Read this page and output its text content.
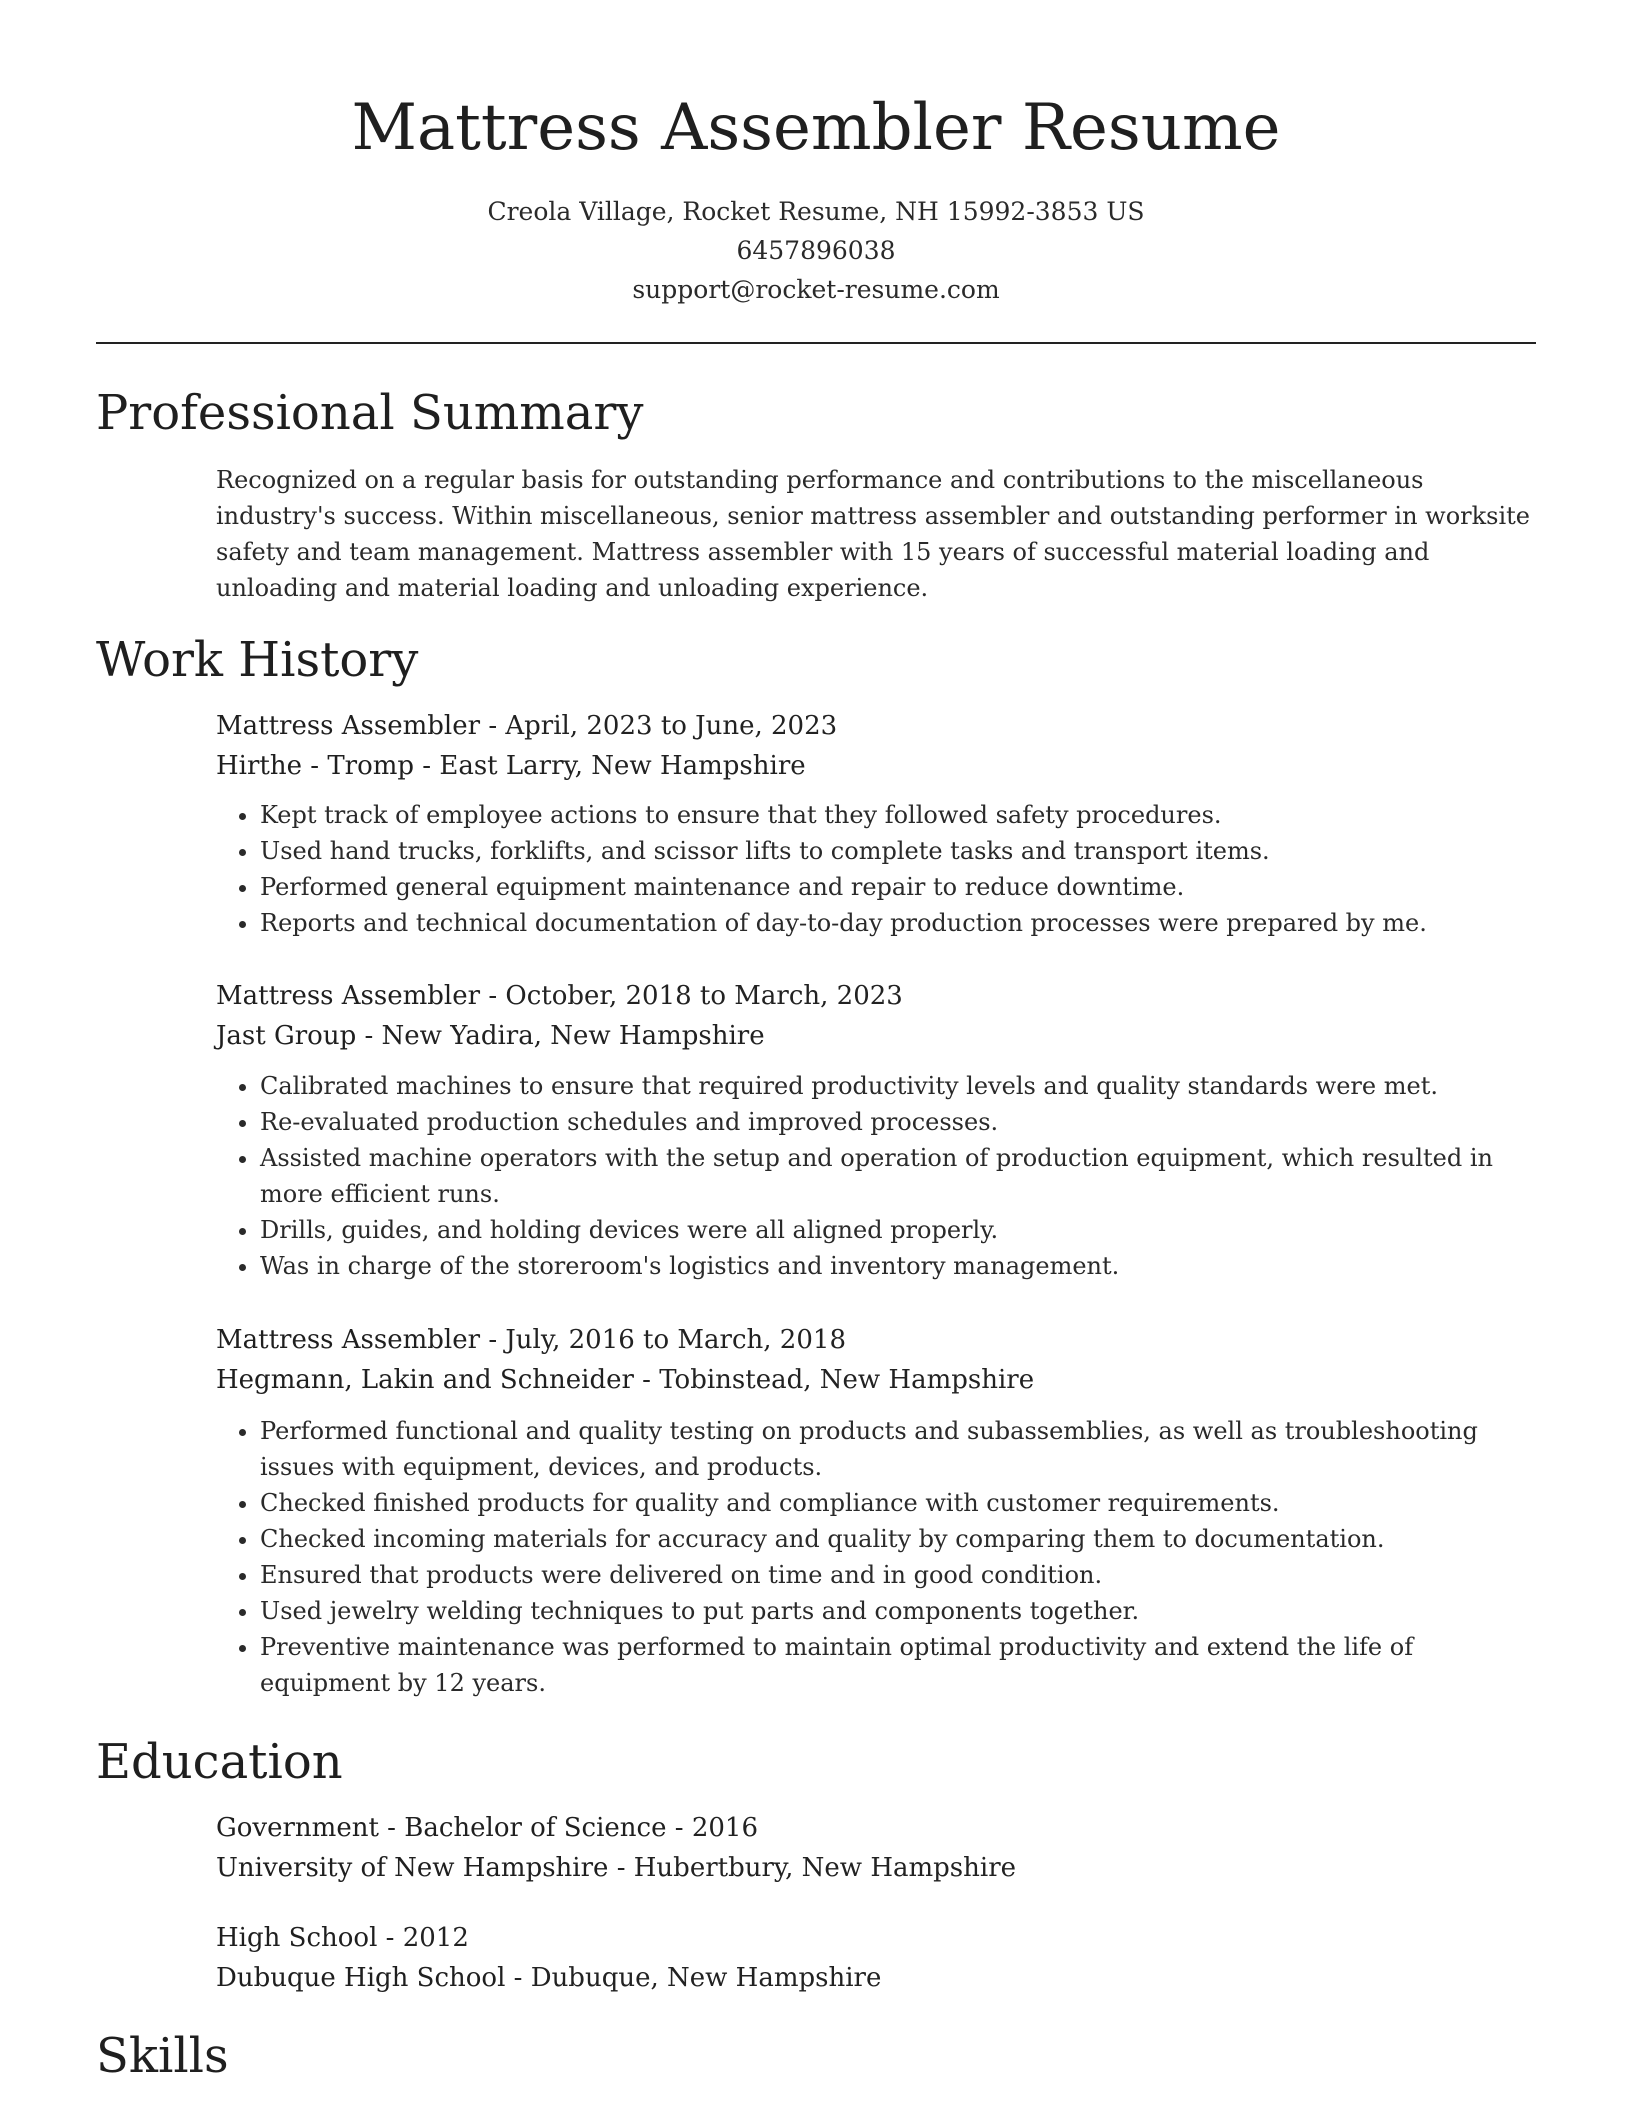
Mattress Assembler Resume
Creola Village, Rocket Resume, NH 15992-3853 US
6457896038
support@rocket-resume.com
Professional Summary

Recognized on a regular basis for outstanding performance and contributions to the miscellaneous industry's success. Within miscellaneous, senior mattress assembler and outstanding performer in worksite safety and team management. Mattress assembler with 15 years of successful material loading and unloading and material loading and unloading experience.

Work History
Mattress Assembler - April, 2023 to June, 2023
Hirthe - Tromp - East Larry, New Hampshire
• Kept track of employee actions to ensure that they followed safety procedures.
• Used hand trucks, forklifts, and scissor lifts to complete tasks and transport items.
• Performed general equipment maintenance and repair to reduce downtime.
• Reports and technical documentation of day-to-day production processes were prepared by me.
Mattress Assembler - October, 2018 to March, 2023
Jast Group - New Yadira, New Hampshire
• Calibrated machines to ensure that required productivity levels and quality standards were met.
• Re-evaluated production schedules and improved processes.
• Assisted machine operators with the setup and operation of production equipment, which resulted in more efficient runs.
• Drills, guides, and holding devices were all aligned properly.
• Was in charge of the storeroom's logistics and inventory management.
Mattress Assembler - July, 2016 to March, 2018
Hegmann, Lakin and Schneider - Tobinstead, New Hampshire
• Performed functional and quality testing on products and subassemblies, as well as troubleshooting issues with equipment, devices, and products.
• Checked finished products for quality and compliance with customer requirements.
• Checked incoming materials for accuracy and quality by comparing them to documentation.
• Ensured that products were delivered on time and in good condition.
• Used jewelry welding techniques to put parts and components together.
• Preventive maintenance was performed to maintain optimal productivity and extend the life of equipment by 12 years.
Education
Government - Bachelor of Science - 2016
University of New Hampshire - Hubertbury, New Hampshire
High School - 2012
Dubuque High School - Dubuque, New Hampshire
Skills
